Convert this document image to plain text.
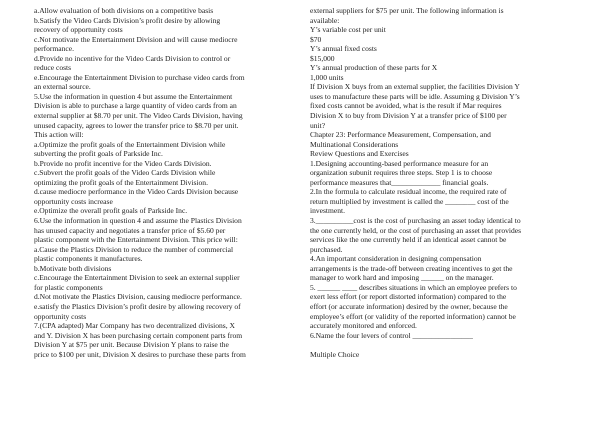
a.Allow evaluation of both divisions on a competitive basis
b.Satisfy the Video Cards Division’s profit desire by allowing
recovery of opportunity costs
c.Not motivate the Entertainment Division and will cause mediocre
performance.
d.Provide no incentive for the Video Cards Division to control or
reduce costs
e.Encourage the Entertainment Division to purchase video cards from
an external source.
5.Use the information in question 4 but assume the Entertainment
Division is able to purchase a large quantity of video cards from an
external supplier at $8.70 per unit. The Video Cards Division, having
unused capacity, agrees to lower the transfer price to $8.70 per unit.
This action will:
a.Optimize the profit goals of the Entertainment Division while
subverting the profit goals of Parkside Inc.
b.Provide no profit incentive for the Video Cards Division.
c.Subvert the profit goals of the Video Cards Division while
optimizing the profit goals of the Entertainment Division.
d.cause mediocre performance in the Video Cards Division because
opportunity costs increase
e.Optimize the overall profit goals of Parkside Inc.
6.Use the information in question 4 and assume the Plastics Division
has unused capacity and negotiates a transfer price of $5.60 per
plastic component with the Entertainment Division. This price will:
a.Cause the Plastics Division to reduce the number of commercial
plastic components it manufactures.
b.Motivate both divisions
c.Encourage the Entertainment Division to seek an external supplier
for plastic components
d.Not motivate the Plastics Division, causing mediocre performance.
e.satisfy the Plastics Division’s profit desire by allowing recovery of
opportunity costs
7.(CPA adapted) Mar Company has two decentralized divisions, X
and Y. Division X has been purchasing certain component parts from
Division Y at $75 per unit. Because Division Y plans to raise the
price to $100 per unit, Division X desires to purchase these parts from
external suppliers for $75 per unit. The following information is
available:
Y’s variable cost per unit
$70
Y’s annual fixed costs
$15,000
Y’s annual production of these parts for X
1,000 units
If Division X buys from an external supplier, the facilities Division Y
uses to manufacture these parts will be idle. Assuming g Division Y’s
fixed costs cannot be avoided, what is the result if Mar requires
Division X to buy from Division Y at a transfer price of $100 per
unit?
Chapter 23: Performance Measurement, Compensation, and
Multinational Considerations
Review Questions and Exercises
1.Designing accounting-based performance measure for an
organization subunit requires three steps. Step 1 is to choose
performance measures that_____________ financial goals.
2.In the formula to calculate residual income, the required rate of
return multiplied by investment is called the ________ cost of the
investment.
3.__________cost is the cost of purchasing an asset today identical to
the one currently held, or the cost of purchasing an asset that provides
services like the one currently held if an identical asset cannot be
purchased.
4.An important consideration in designing compensation
arrangements is the trade-off between creating incentives to get the
manager to work hard and imposing ______ on the manager.
5. ______ ____ describes situations in which an employee prefers to
exert less effort (or report distorted information) compared to the
effort (or accurate information) desired by the owner, because the
employee’s effort (or validity of the reported information) cannot be
accurately monitored and enforced.
6.Name the four levers of control ________________
Multiple Choice
